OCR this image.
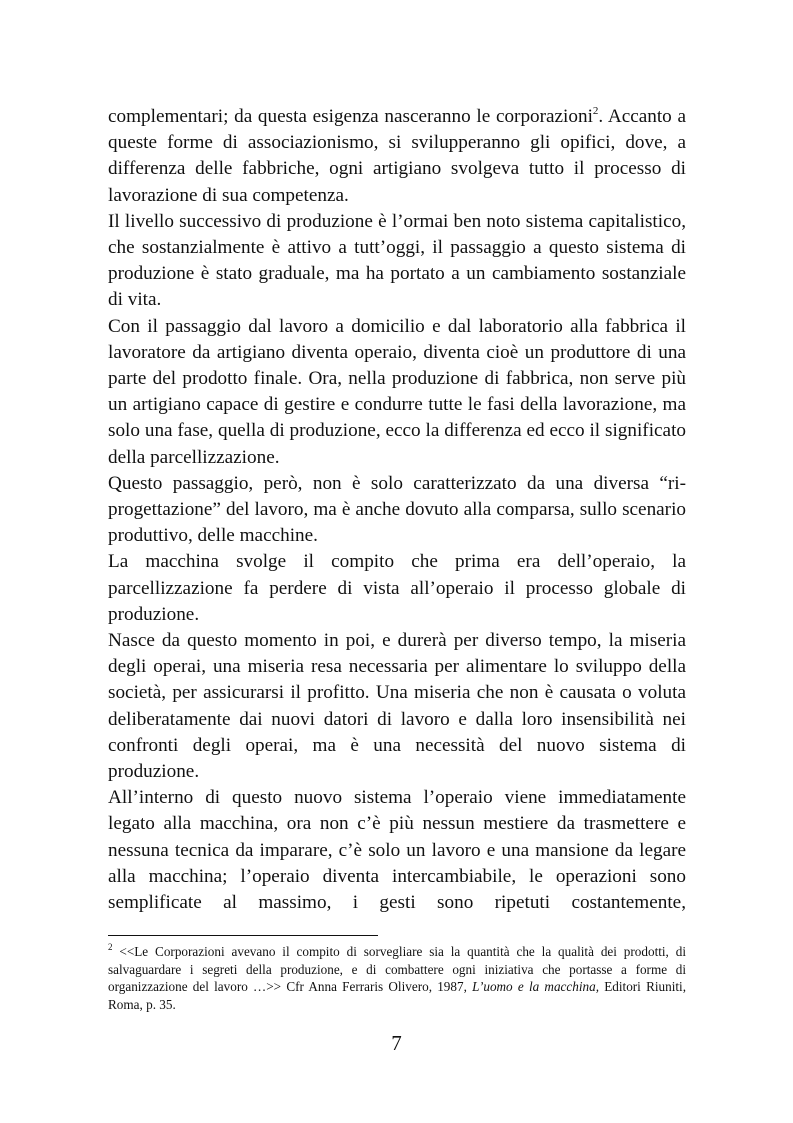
complementari; da questa esigenza nasceranno le corporazioni$^2$. Accanto a queste forme di associazionismo, si svilupperanno gli opifici, dove, a differenza delle fabbriche, ogni artigiano svolgeva tutto il processo di lavorazione di sua competenza.

Il livello successivo di produzione è l’ormai ben noto sistema capitalistico, che sostanzialmente è attivo a tutt’oggi, il passaggio a questo sistema di produzione è stato graduale, ma ha portato a un cambiamento sostanziale di vita.

Con il passaggio dal lavoro a domicilio e dal laboratorio alla fabbrica il lavoratore da artigiano diventa operaio, diventa cioè un produttore di una parte del prodotto finale. Ora, nella produzione di fabbrica, non serve più un artigiano capace di gestire e condurre tutte le fasi della lavorazione, ma solo una fase, quella di produzione, ecco la differenza ed ecco il significato della parcellizzazione.

Questo passaggio, però, non è solo caratterizzato da una diversa “ri-progettazione” del lavoro, ma è anche dovuto alla comparsa, sullo scenario produttivo, delle macchine.

La macchina svolge il compito che prima era dell’operaio, la parcellizzazione fa perdere di vista all’operaio il processo globale di produzione.

Nasce da questo momento in poi, e durerà per diverso tempo, la miseria degli operai, una miseria resa necessaria per alimentare lo sviluppo della società, per assicurarsi il profitto. Una miseria che non è causata o voluta deliberatamente dai nuovi datori di lavoro e dalla loro insensibilità nei confronti degli operai, ma è una necessità del nuovo sistema di produzione.

All’interno di questo nuovo sistema l’operaio viene immediatamente legato alla macchina, ora non c’è più nessun mestiere da trasmettere e nessuna tecnica da imparare, c’è solo un lavoro e una mansione da legare alla macchina; l’operaio diventa intercambiabile, le operazioni sono semplificate al massimo, i gesti sono ripetuti costantemente,

$^2$ <<Le Corporazioni avevano il compito di sorvegliare sia la quantità che la qualità dei prodotti, di salvaguardare i segreti della produzione, e di combattere ogni iniziativa che portasse a forme di organizzazione del lavoro …>> Cfr Anna Ferraris Olivero, 1987, L’uomo e la macchina, Editori Riuniti, Roma, p. 35.
7
